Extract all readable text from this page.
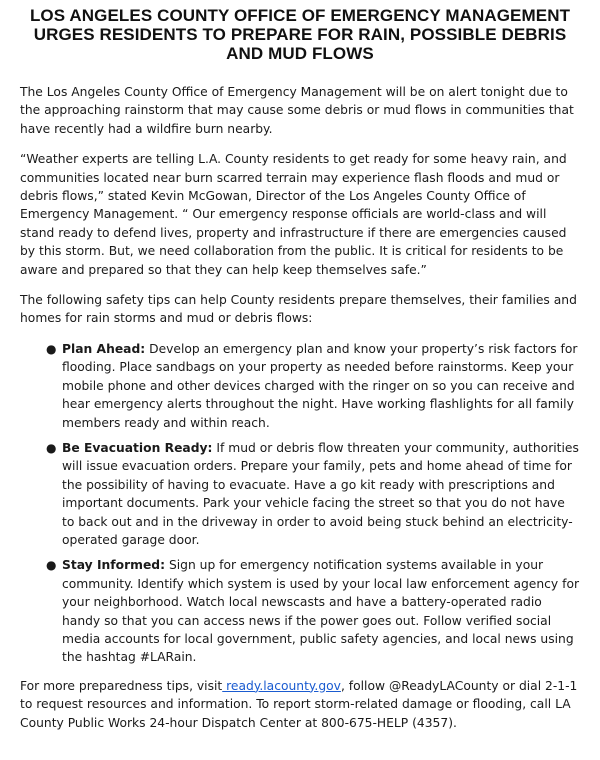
LOS ANGELES COUNTY OFFICE OF EMERGENCY MANAGEMENT URGES RESIDENTS TO PREPARE FOR RAIN, POSSIBLE DEBRIS AND MUD FLOWS

The Los Angeles County Office of Emergency Management will be on alert tonight due to the approaching rainstorm that may cause some debris or mud flows in communities that have recently had a wildfire burn nearby.

“Weather experts are telling L.A. County residents to get ready for some heavy rain, and communities located near burn scarred terrain may experience flash floods and mud or debris flows,” stated Kevin McGowan, Director of the Los Angeles County Office of Emergency Management. “ Our emergency response officials are world-class and will stand ready to defend lives, property and infrastructure if there are emergencies caused by this storm. But, we need collaboration from the public. It is critical for residents to be aware and prepared so that they can help keep themselves safe.”

The following safety tips can help County residents prepare themselves, their families and homes for rain storms and mud or debris flows:

● Plan Ahead: Develop an emergency plan and know your property’s risk factors for flooding. Place sandbags on your property as needed before rainstorms. Keep your mobile phone and other devices charged with the ringer on so you can receive and hear emergency alerts throughout the night. Have working flashlights for all family members ready and within reach.
● Be Evacuation Ready: If mud or debris flow threaten your community, authorities will issue evacuation orders. Prepare your family, pets and home ahead of time for the possibility of having to evacuate. Have a go kit ready with prescriptions and important documents. Park your vehicle facing the street so that you do not have to back out and in the driveway in order to avoid being stuck behind an electricity-operated garage door.
● Stay Informed: Sign up for emergency notification systems available in your community. Identify which system is used by your local law enforcement agency for your neighborhood. Watch local newscasts and have a battery-operated radio handy so that you can access news if the power goes out. Follow verified social media accounts for local government, public safety agencies, and local news using the hashtag #LARain.

For more preparedness tips, visit ready.lacounty.gov, follow @ReadyLACounty or dial 2-1-1 to request resources and information. To report storm-related damage or flooding, call LA County Public Works 24-hour Dispatch Center at 800-675-HELP (4357).
